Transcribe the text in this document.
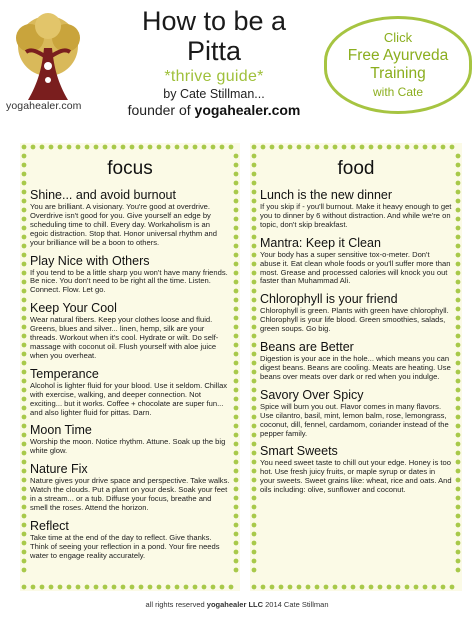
yogahealer.com
How to be a
Pitta
*thrive guide*
by Cate Stillman...
founder of yogahealer.com
Click
Free Ayurveda
Training
with Cate
focus
Shine... and avoid burnout

You are brilliant. A visionary. You're good at overdrive. Overdrive isn't good for you. Give yourself an edge by scheduling time to chill. Every day. Workaholism is an egoic distraction. Stop that. Honor universal rhythm and your brilliance will be a boon to others.

Play Nice with Others

If you tend to be a little sharp you won't have many friends. Be nice. You don't need to be right all the time. Listen. Connect. Flow. Let go.

Keep Your Cool

Wear natural fibers. Keep your clothes loose and fluid. Greens, blues and silver... linen, hemp, silk are your threads. Workout when it's cool. Hydrate or wilt. Do self-massage with coconut oil. Flush yourself with aloe juice when you overheat.

Temperance

Alcohol is lighter fluid for your blood. Use it seldom. Chillax with exercise, walking, and deeper connection. Not exciting... but it works. Coffee + chocolate are super fun... and also lighter fluid for pittas. Darn.

Moon Time

Worship the moon. Notice rhythm. Attune. Soak up the big white glow.

Nature Fix

Nature gives your drive space and perspective. Take walks. Watch the clouds. Put a plant on your desk. Soak your feet in a stream... or a tub. Diffuse your focus, breathe and smell the roses. Attend the horizon.

Reflect

Take time at the end of the day to reflect. Give thanks. Think of seeing your reflection in a pond. Your fire needs water to engage reality accurately.

food
Lunch is the new dinner

If you skip if - you'll burnout. Make it heavy enough to get you to dinner by 6 without distraction. And while we're on topic, don't skip breakfast.

Mantra: Keep it Clean

Your body has a super sensitive tox-o-meter. Don't abuse it. Eat clean whole foods or you'll suffer more than most. Grease and processed calories will knock you out faster than Muhammad Ali.

Chlorophyll is your friend

Chlorophyll is green. Plants with green have chlorophyll. Chlorophyll is your life blood. Green smoothies, salads, green soups. Go big.

Beans are Better

Digestion is your ace in the hole... which means you can digest beans. Beans are cooling. Meats are heating. Use beans over meats over dark or red when you indulge.

Savory Over Spicy

Spice will burn you out. Flavor comes in many flavors. Use cilantro, basil, mint, lemon balm, rose, lemongrass, coconut, dill, fennel, cardamom, coriander instead of the pepper family.

Smart Sweets

You need sweet taste to chill out your edge. Honey is too hot. Use fresh juicy fruits, or maple syrup or dates in your sweets. Sweet grains like: wheat, rice and oats. And oils including: olive, sunflower and coconut.

all rights reserved yogahealer LLC 2014 Cate Stillman
